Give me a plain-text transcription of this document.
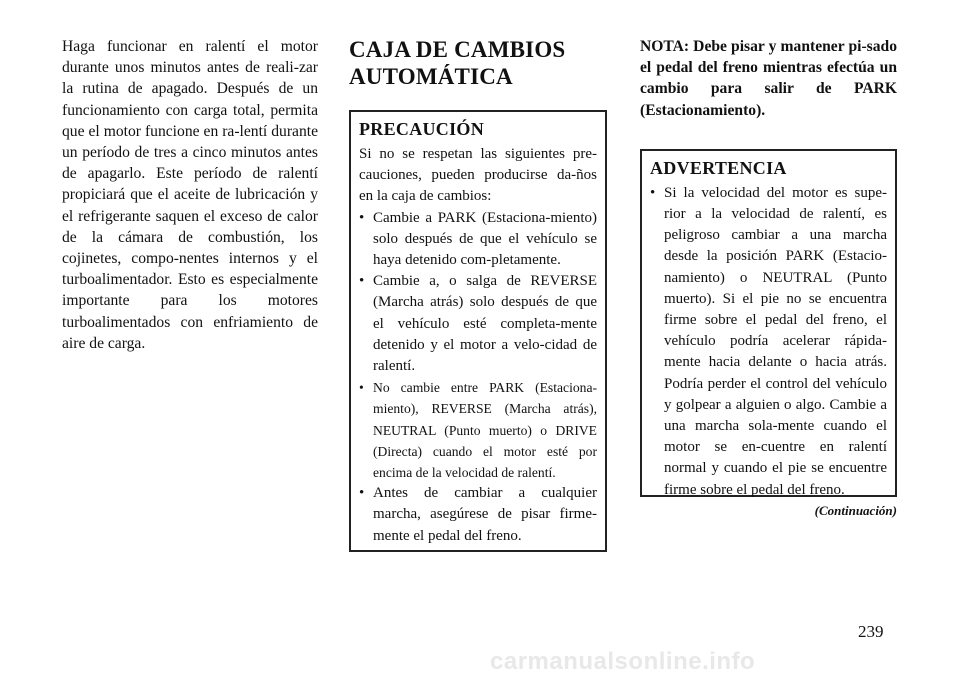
Haga funcionar en ralentí el motor durante unos minutos antes de reali-zar la rutina de apagado. Después de un funcionamiento con carga total, permita que el motor funcione en ra-lentí durante un período de tres a cinco minutos antes de apagarlo. Este período de ralentí propiciará que el aceite de lubricación y el refrigerante saquen el exceso de calor de la cámara de combustión, los cojinetes, compo-nentes internos y el turboalimentador. Esto es especialmente importante para los motores turboalimentados con enfriamiento de aire de carga.

CAJA DE CAMBIOS
AUTOMÁTICA
PRECAUCIÓN

Si no se respetan las siguientes pre-cauciones, pueden producirse da-ños en la caja de cambios:

• Cambie a PARK (Estaciona-miento) solo después de que el vehículo se haya detenido com-pletamente.
• Cambie a, o salga de REVERSE (Marcha atrás) solo después de que el vehículo esté completa-mente detenido y el motor a velo-cidad de ralentí.
• No cambie entre PARK (Estaciona-miento), REVERSE (Marcha atrás), NEUTRAL (Punto muerto) o DRIVE (Directa) cuando el motor esté por encima de la velocidad de ralentí.
• Antes de cambiar a cualquier marcha, asegúrese de pisar firme-mente el pedal del freno.

NOTA: Debe pisar y mantener pi-sado el pedal del freno mientras efectúa un cambio para salir de PARK (Estacionamiento).

ADVERTENCIA
• Si la velocidad del motor es supe-rior a la velocidad de ralentí, es peligroso cambiar a una marcha desde la posición PARK (Estacio-namiento) o NEUTRAL (Punto muerto). Si el pie no se encuentra firme sobre el pedal del freno, el vehículo podría acelerar rápida-mente hacia delante o hacia atrás. Podría perder el control del vehículo y golpear a alguien o algo. Cambie a una marcha sola-mente cuando el motor se en-cuentre en ralentí normal y cuando el pie se encuentre firme sobre el pedal del freno.
(Continuación)
239
carmanualsonline.info
